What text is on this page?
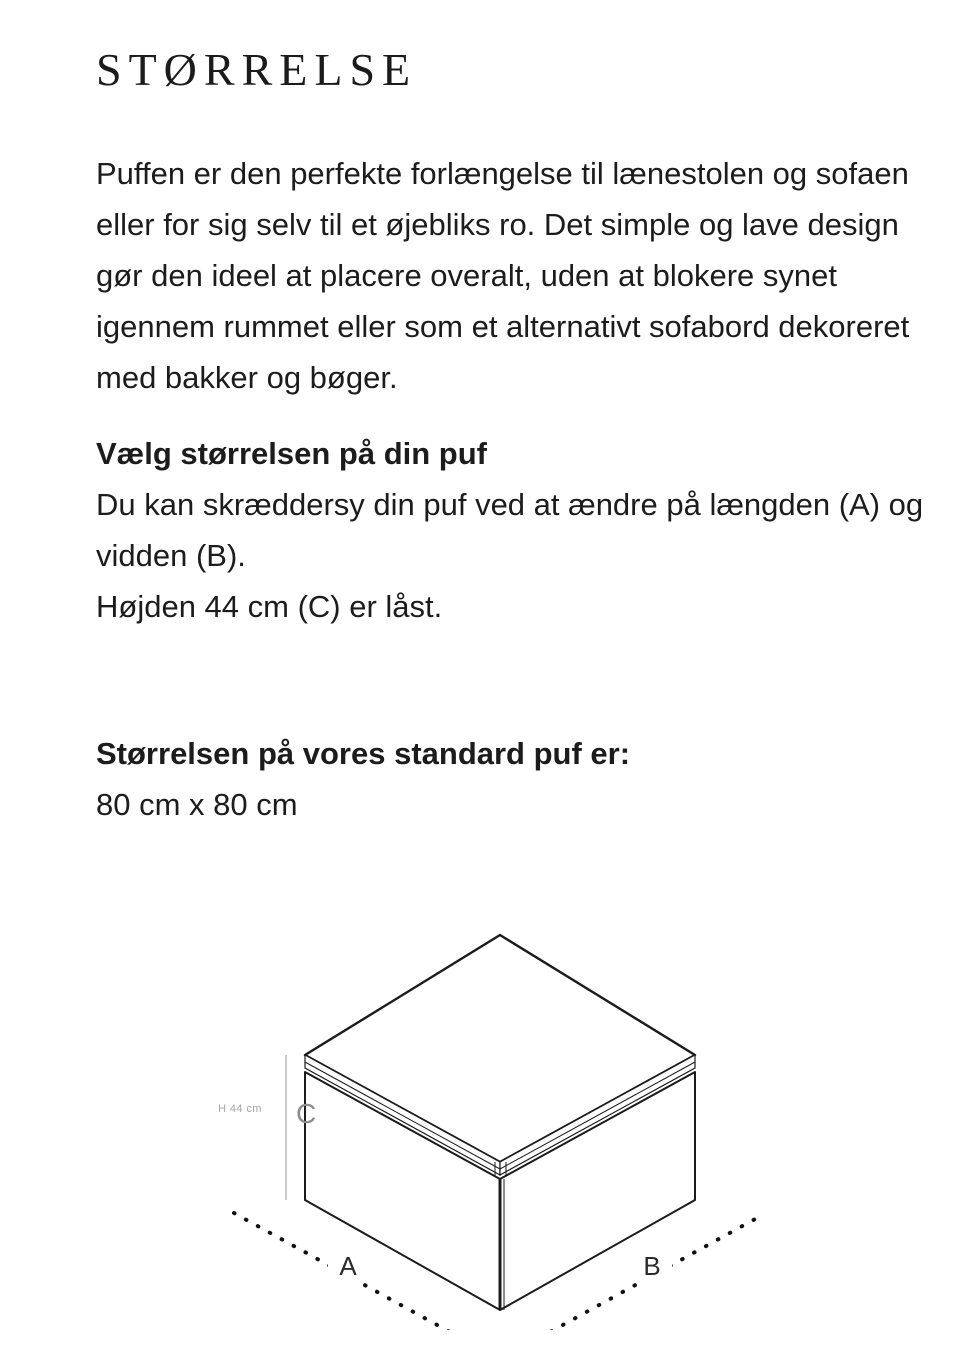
STØRRELSE

Puffen er den perfekte forlængelse til lænestolen og sofaen eller for sig selv til et øjebliks ro. Det simple og lave design gør den ideel at placere overalt, uden at blokere synet igennem rummet eller som et alternativt sofabord dekoreret med bakker og bøger.

Vælg størrelsen på din puf

Du kan skræddersy din puf ved at ændre på længden (A) og vidden (B).

Højden 44 cm (C) er låst.

Størrelsen på vores standard puf er:

80 cm x 80 cm

H 44 cm C
A	B
